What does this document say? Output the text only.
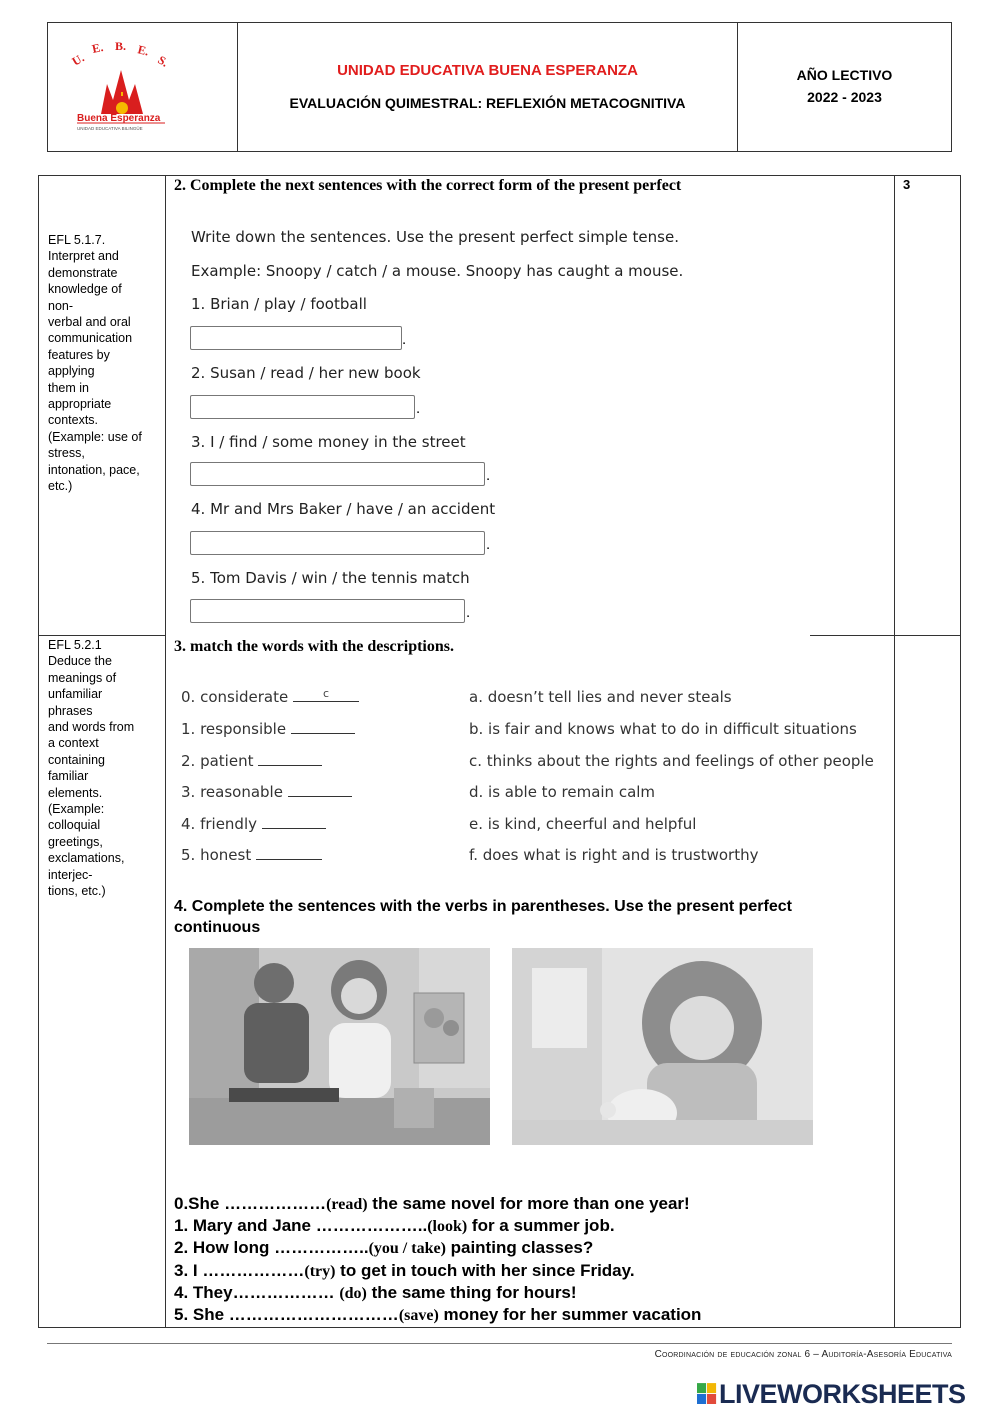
U.
E. B. E.
S.
Buena Esperanza
UNIDAD EDUCATIVA BILINGÜE
UNIDAD EDUCATIVA BUENA ESPERANZA
EVALUACIÓN QUIMESTRAL: REFLEXIÓN METACOGNITIVA
AÑO LECTIVO
2022 - 2023
EFL 5.1.7.
Interpret and
demonstrate
knowledge of
non-
verbal and oral
communication
features by
applying
them in
appropriate
contexts.
(Example: use of
stress,
intonation, pace,
etc.)
2. Complete the next sentences with the correct form of the present perfect	3
Write down the sentences. Use the present perfect simple tense.
Example: Snoopy / catch / a mouse. Snoopy has caught a mouse.
1. Brian / play / football
.
2. Susan / read / her new book
.
3. I / find / some money in the street
.
4. Mr and Mrs Baker / have / an accident
.
5. Tom Davis / win / the tennis match
.
EFL 5.2.1
Deduce the
meanings of
unfamiliar
phrases
and words from
a context
containing
familiar
elements.
(Example:
colloquial
greetings,
exclamations,
interjec-
tions, etc.)
3. match the words with the descriptions.
0. considerate	c
1. responsible
2. patient
3. reasonable
4. friendly
5. honest
a. doesn’t tell lies and never steals
b. is fair and knows what to do in difficult situations
c. thinks about the rights and feelings of other people
d. is able to remain calm
e. is kind, cheerful and helpful
f. does what is right and is trustworthy
4. Complete the sentences with the verbs in parentheses. Use the present perfect
continuous
0.She ………………(read) the same novel for more than one year!
1. Mary and Jane ………………..(look) for a summer job.
2. How long ……………..(you / take) painting classes?
3. I ………………(try) to get in touch with her since Friday.
4. They……………… (do) the same thing for hours!
5. She …………………………(save) money for her summer vacation
Coordinación de educación zonal 6 – Auditoría-Asesoría Educativa
LIVEWORKSHEETS
